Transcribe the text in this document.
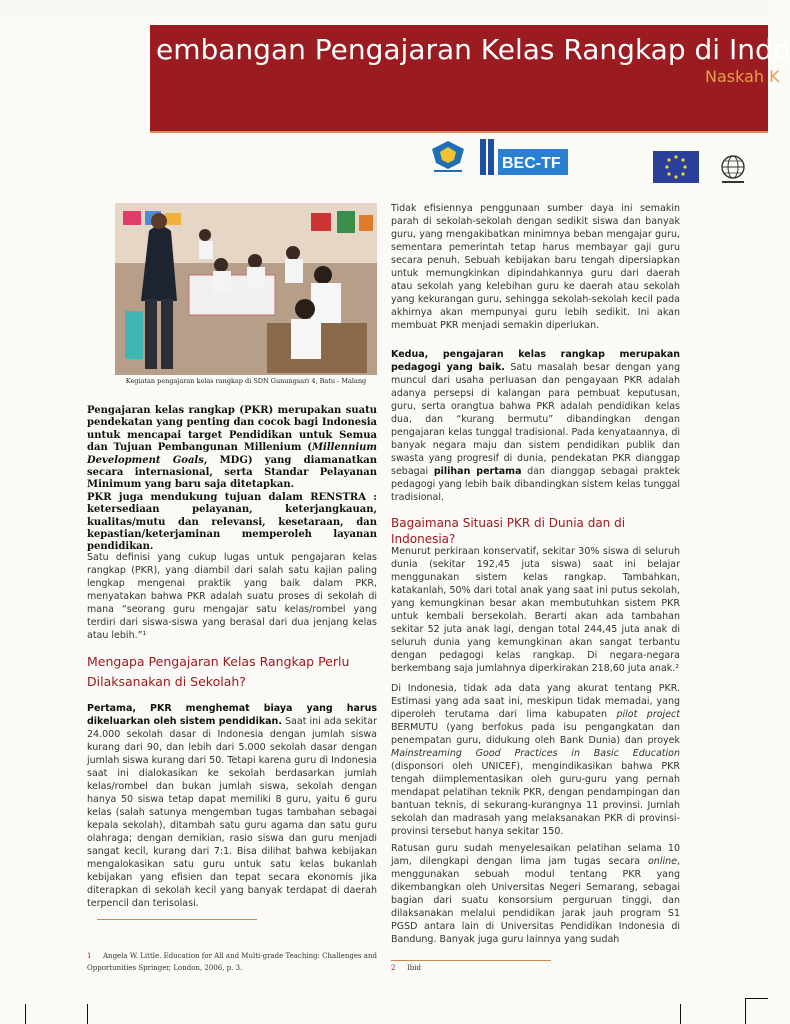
embangan Pengajaran Kelas Rangkap di Indo
Naskah K
BEC-TF
Kegiatan pengajaran kelas rangkap di SDN Gunungsari 4, Batu - Malang

Pengajaran kelas rangkap (PKR) merupakan suatu pendekatan yang penting dan cocok bagi Indonesia untuk mencapai target Pendidikan untuk Semua dan Tujuan Pembangunan Millenium (Millennium Development Goals, MDG) yang diamanatkan secara internasional, serta Standar Pelayanan Minimum yang baru saja ditetapkan.

PKR juga mendukung tujuan dalam RENSTRA : ketersediaan pelayanan, keterjangkauan, kualitas/mutu dan relevansi, kesetaraan, dan kepastian/keterjaminan memperoleh layanan pendidikan.

Satu definisi yang cukup lugas untuk pengajaran kelas rangkap (PKR), yang diambil dari salah satu kajian paling lengkap mengenai praktik yang baik dalam PKR, menyatakan bahwa PKR adalah suatu proses di sekolah di mana “seorang guru mengajar satu kelas/rombel yang terdiri dari siswa-siswa yang berasal dari dua jenjang kelas atau lebih.”¹

Mengapa Pengajaran Kelas Rangkap Perlu Dilaksanakan di Sekolah?

Pertama, PKR menghemat biaya yang harus dikeluarkan oleh sistem pendidikan. Saat ini ada sekitar 24.000 sekolah dasar di Indonesia dengan jumlah siswa kurang dari 90, dan lebih dari 5.000 sekolah dasar dengan jumlah siswa kurang dari 50. Tetapi karena guru di Indonesia saat ini dialokasikan ke sekolah berdasarkan jumlah kelas/rombel dan bukan jumlah siswa, sekolah dengan hanya 50 siswa tetap dapat memiliki 8 guru, yaitu 6 guru kelas (salah satunya mengemban tugas tambahan sebagai kepala sekolah), ditambah satu guru agama dan satu guru olahraga; dengan demikian, rasio siswa dan guru menjadi sangat kecil, kurang dari 7:1. Bisa dilihat bahwa kebijakan mengalokasikan satu guru untuk satu kelas bukanlah kebijakan yang efisien dan tepat secara ekonomis jika diterapkan di sekolah kecil yang banyak terdapat di daerah terpencil dan terisolasi.

1 Angela W. Little. Education for All and Multi-grade Teaching: Challenges and Opportunities Springer, London, 2006, p. 3.

Tidak efisiennya penggunaan sumber daya ini semakin parah di sekolah-sekolah dengan sedikit siswa dan banyak guru, yang mengakibatkan minimnya beban mengajar guru, sementara pemerintah tetap harus membayar gaji guru secara penuh. Sebuah kebijakan baru tengah dipersiapkan untuk memungkinkan dipindahkannya guru dari daerah atau sekolah yang kelebihan guru ke daerah atau sekolah yang kekurangan guru, sehingga sekolah-sekolah kecil pada akhirnya akan mempunyai guru lebih sedikit. Ini akan membuat PKR menjadi semakin diperlukan.

Kedua, pengajaran kelas rangkap merupakan pedagogi yang baik. Satu masalah besar dengan yang muncul dari usaha perluasan dan pengayaan PKR adalah adanya persepsi di kalangan para pembuat keputusan, guru, serta orangtua bahwa PKR adalah pendidikan kelas dua, dan “kurang bermutu” dibandingkan dengan pengajaran kelas tunggal tradisional. Pada kenyataannya, di banyak negara maju dan sistem pendidikan publik dan swasta yang progresif di dunia, pendekatan PKR dianggap sebagai pilihan pertama dan dianggap sebagai praktek pedagogi yang lebih baik dibandingkan sistem kelas tunggal tradisional.

Bagaimana Situasi PKR di Dunia dan di Indonesia?

Menurut perkiraan konservatif, sekitar 30% siswa di seluruh dunia (sekitar 192,45 juta siswa) saat ini belajar menggunakan sistem kelas rangkap. Tambahkan, katakanlah, 50% dari total anak yang saat ini putus sekolah, yang kemungkinan besar akan membutuhkan sistem PKR untuk kembali bersekolah. Berarti akan ada tambahan sekitar 52 juta anak lagi, dengan total 244,45 juta anak di seluruh dunia yang kemungkinan akan sangat terbantu dengan pedagogi kelas rangkap. Di negara-negara berkembang saja jumlahnya diperkirakan 218,60 juta anak.²

Di Indonesia, tidak ada data yang akurat tentang PKR. Estimasi yang ada saat ini, meskipun tidak memadai, yang diperoleh terutama dari lima kabupaten pilot project BERMUTU (yang berfokus pada isu pengangkatan dan penempatan guru, didukung oleh Bank Dunia) dan proyek Mainstreaming Good Practices in Basic Education (disponsori oleh UNICEF), mengindikasikan bahwa PKR tengah diimplementasikan oleh guru-guru yang pernah mendapat pelatihan teknik PKR, dengan pendampingan dan bantuan teknis, di sekurang-kurangnya 11 provinsi. Jumlah sekolah dan madrasah yang melaksanakan PKR di provinsi-provinsi tersebut hanya sekitar 150.

Ratusan guru sudah menyelesaikan pelatihan selama 10 jam, dilengkapi dengan lima jam tugas secara online, menggunakan sebuah modul tentang PKR yang dikembangkan oleh Universitas Negeri Semarang, sebagai bagian dari suatu konsorsium perguruan tinggi, dan dilaksanakan melalui pendidikan jarak jauh program S1 PGSD antara lain di Universitas Pendidikan Indonesia di Bandung. Banyak juga guru lainnya yang sudah

2 Ibid
